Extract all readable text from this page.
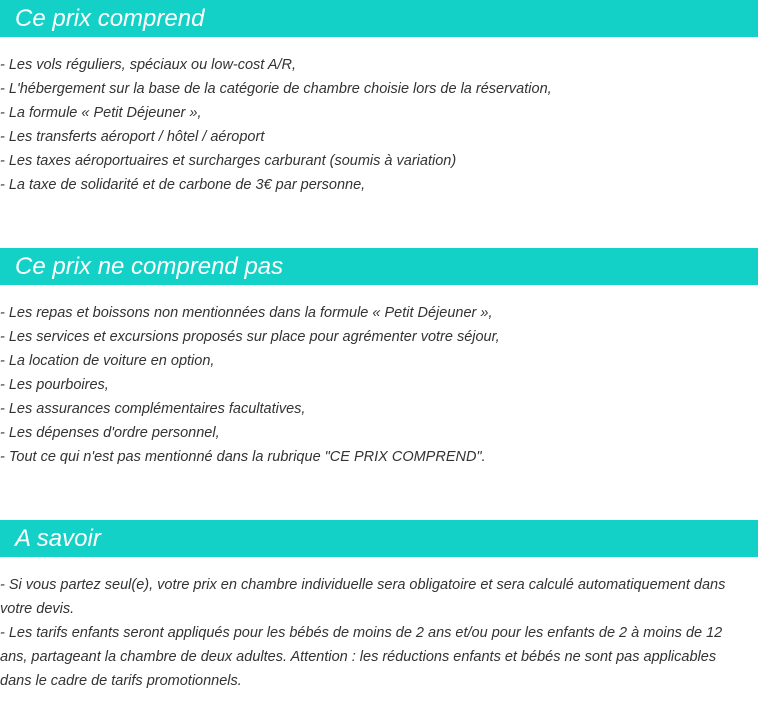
Ce prix comprend
- Les vols réguliers, spéciaux ou low-cost A/R,
- L'hébergement sur la base de la catégorie de chambre choisie lors de la réservation,
- La formule « Petit Déjeuner »,
- Les transferts aéroport / hôtel / aéroport
- Les taxes aéroportuaires et surcharges carburant (soumis à variation)
- La taxe de solidarité et de carbone de 3€ par personne,
Ce prix ne comprend pas
- Les repas et boissons non mentionnées dans la formule « Petit Déjeuner »,
- Les services et excursions proposés sur place pour agrémenter votre séjour,
- La location de voiture en option,
- Les pourboires,
- Les assurances complémentaires facultatives,
- Les dépenses d'ordre personnel,
- Tout ce qui n'est pas mentionné dans la rubrique "CE PRIX COMPREND".
A savoir

- Si vous partez seul(e), votre prix en chambre individuelle sera obligatoire et sera calculé automatiquement dans votre devis.

- Les tarifs enfants seront appliqués pour les bébés de moins de 2 ans et/ou pour les enfants de 2 à moins de 12 ans, partageant la chambre de deux adultes. Attention : les réductions enfants et bébés ne sont pas applicables dans le cadre de tarifs promotionnels.
